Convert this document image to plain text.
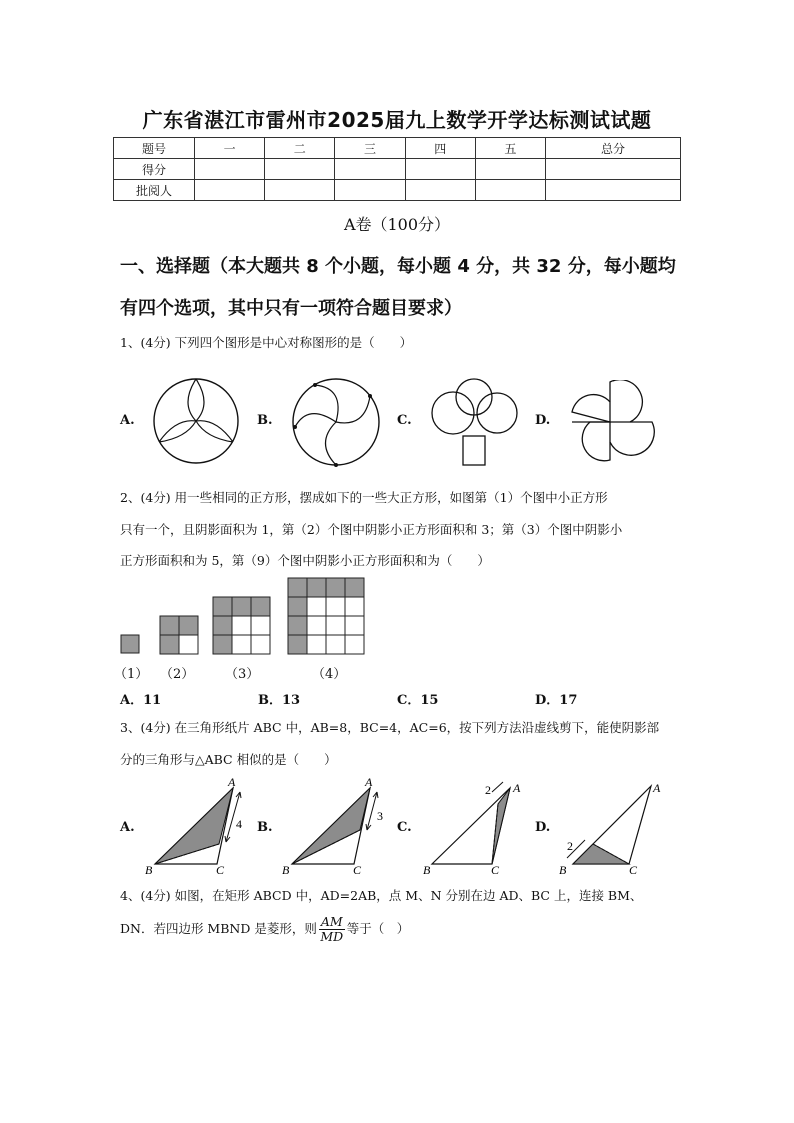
广东省湛江市雷州市2025届九上数学开学达标测试试题
题号	一	二	三	四	五	总分
得分						
批阅人						
A卷（100分）
一、选择题（本大题共 8 个小题，每小题 4 分，共 32 分，每小题均
有四个选项，其中只有一项符合题目要求）
1、(4分) 下列四个图形是中心对称图形的是（　　）
A.	B.	C.	D.
2、(4分) 用一些相同的正方形，摆成如下的一些大正方形，如图第（1）个图中小正方形
只有一个，且阴影面积为 1，第（2）个图中阴影小正方形面积和 3；第（3）个图中阴影小
正方形面积和为 5，第（9）个图中阴影小正方形面积和为（　　）
（1） （2） （3）	（4）
A．11	B．13	C．15	D．17
3、(4分) 在三角形纸片 ABC 中，AB=8，BC=4，AC=6，按下列方法沿虚线剪下，能使阴影部
分的三角形与△ABC 相似的是（　　）
A.
A
B	C
4 B.
A
B	C
3
C.
2 A
B	C
D.
2
A
B	C
4、(4分) 如图，在矩形 ABCD 中，AD=2AB，点 M、N 分别在边 AD、BC 上，连接 BM、
DN．若四边形 MBND 是菱形，则 $\frac{AM}{MD}$ 等于（　）
